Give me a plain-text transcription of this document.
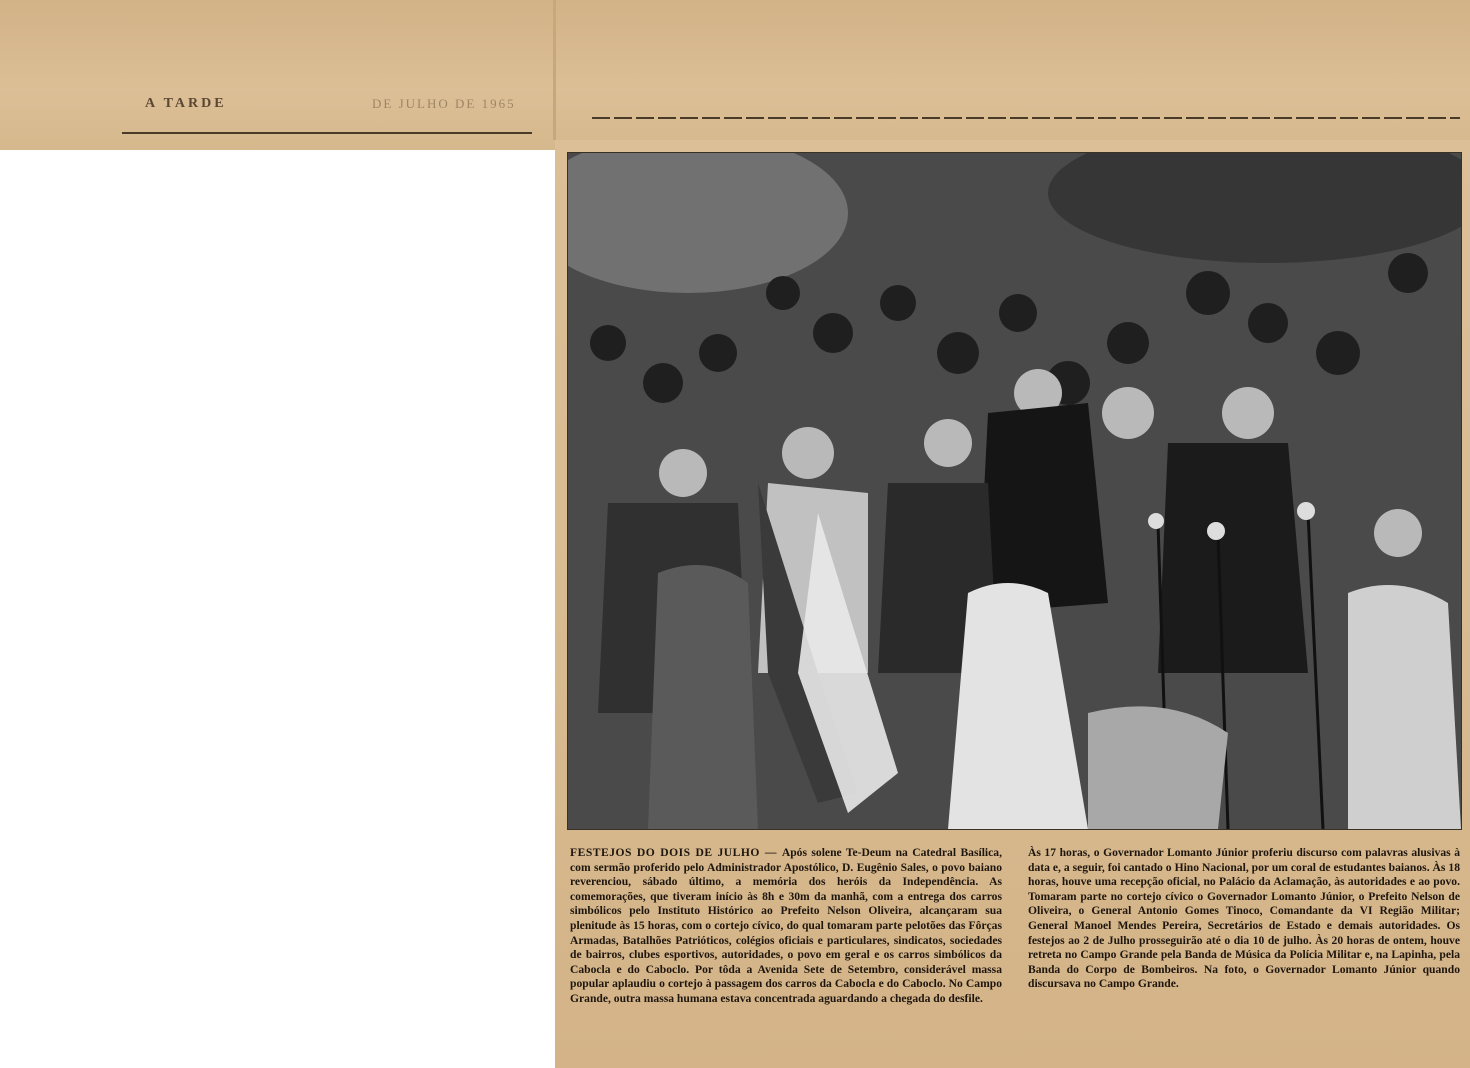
A TARDE	DE JULHO DE 1965
FESTEJOS DO DOIS DE JULHO — Após solene Te-Deum na Catedral Basílica, com sermão proferido pelo Administrador Apostólico, D. Eugênio Sales, o povo baiano reverenciou, sábado último, a memória dos heróis da Independência. As comemorações, que tiveram início às 8h e 30m da manhã, com a entrega dos carros simbólicos pelo Instituto Histórico ao Prefeito Nelson Oliveira, alcançaram sua plenitude às 15 horas, com o cortejo cívico, do qual tomaram parte pelotões das Fôrças Armadas, Batalhões Patrióticos, colégios oficiais e particulares, sindicatos, sociedades de bairros, clubes esportivos, autoridades, o povo em geral e os carros simbólicos da Cabocla e do Caboclo. Por tôda a Avenida Sete de Setembro, considerável massa popular aplaudiu o cortejo à passagem dos carros da Cabocla e do Caboclo. No Campo Grande, outra massa humana estava concentrada aguardando a chegada do desfile.
Às 17 horas, o Governador Lomanto Júnior proferiu discurso com palavras alusivas à data e, a seguir, foi cantado o Hino Nacional, por um coral de estudantes baianos. Às 18 horas, houve uma recepção oficial, no Palácio da Aclamação, às autoridades e ao povo. Tomaram parte no cortejo cívico o Governador Lomanto Júnior, o Prefeito Nelson de Oliveira, o General Antonio Gomes Tinoco, Comandante da VI Região Militar; General Manoel Mendes Pereira, Secretários de Estado e demais autoridades. Os festejos ao 2 de Julho prosseguirão até o dia 10 de julho. Às 20 horas de ontem, houve retreta no Campo Grande pela Banda de Música da Polícia Militar e, na Lapinha, pela Banda do Corpo de Bombeiros. Na foto, o Governador Lomanto Júnior quando discursava no Campo Grande.
